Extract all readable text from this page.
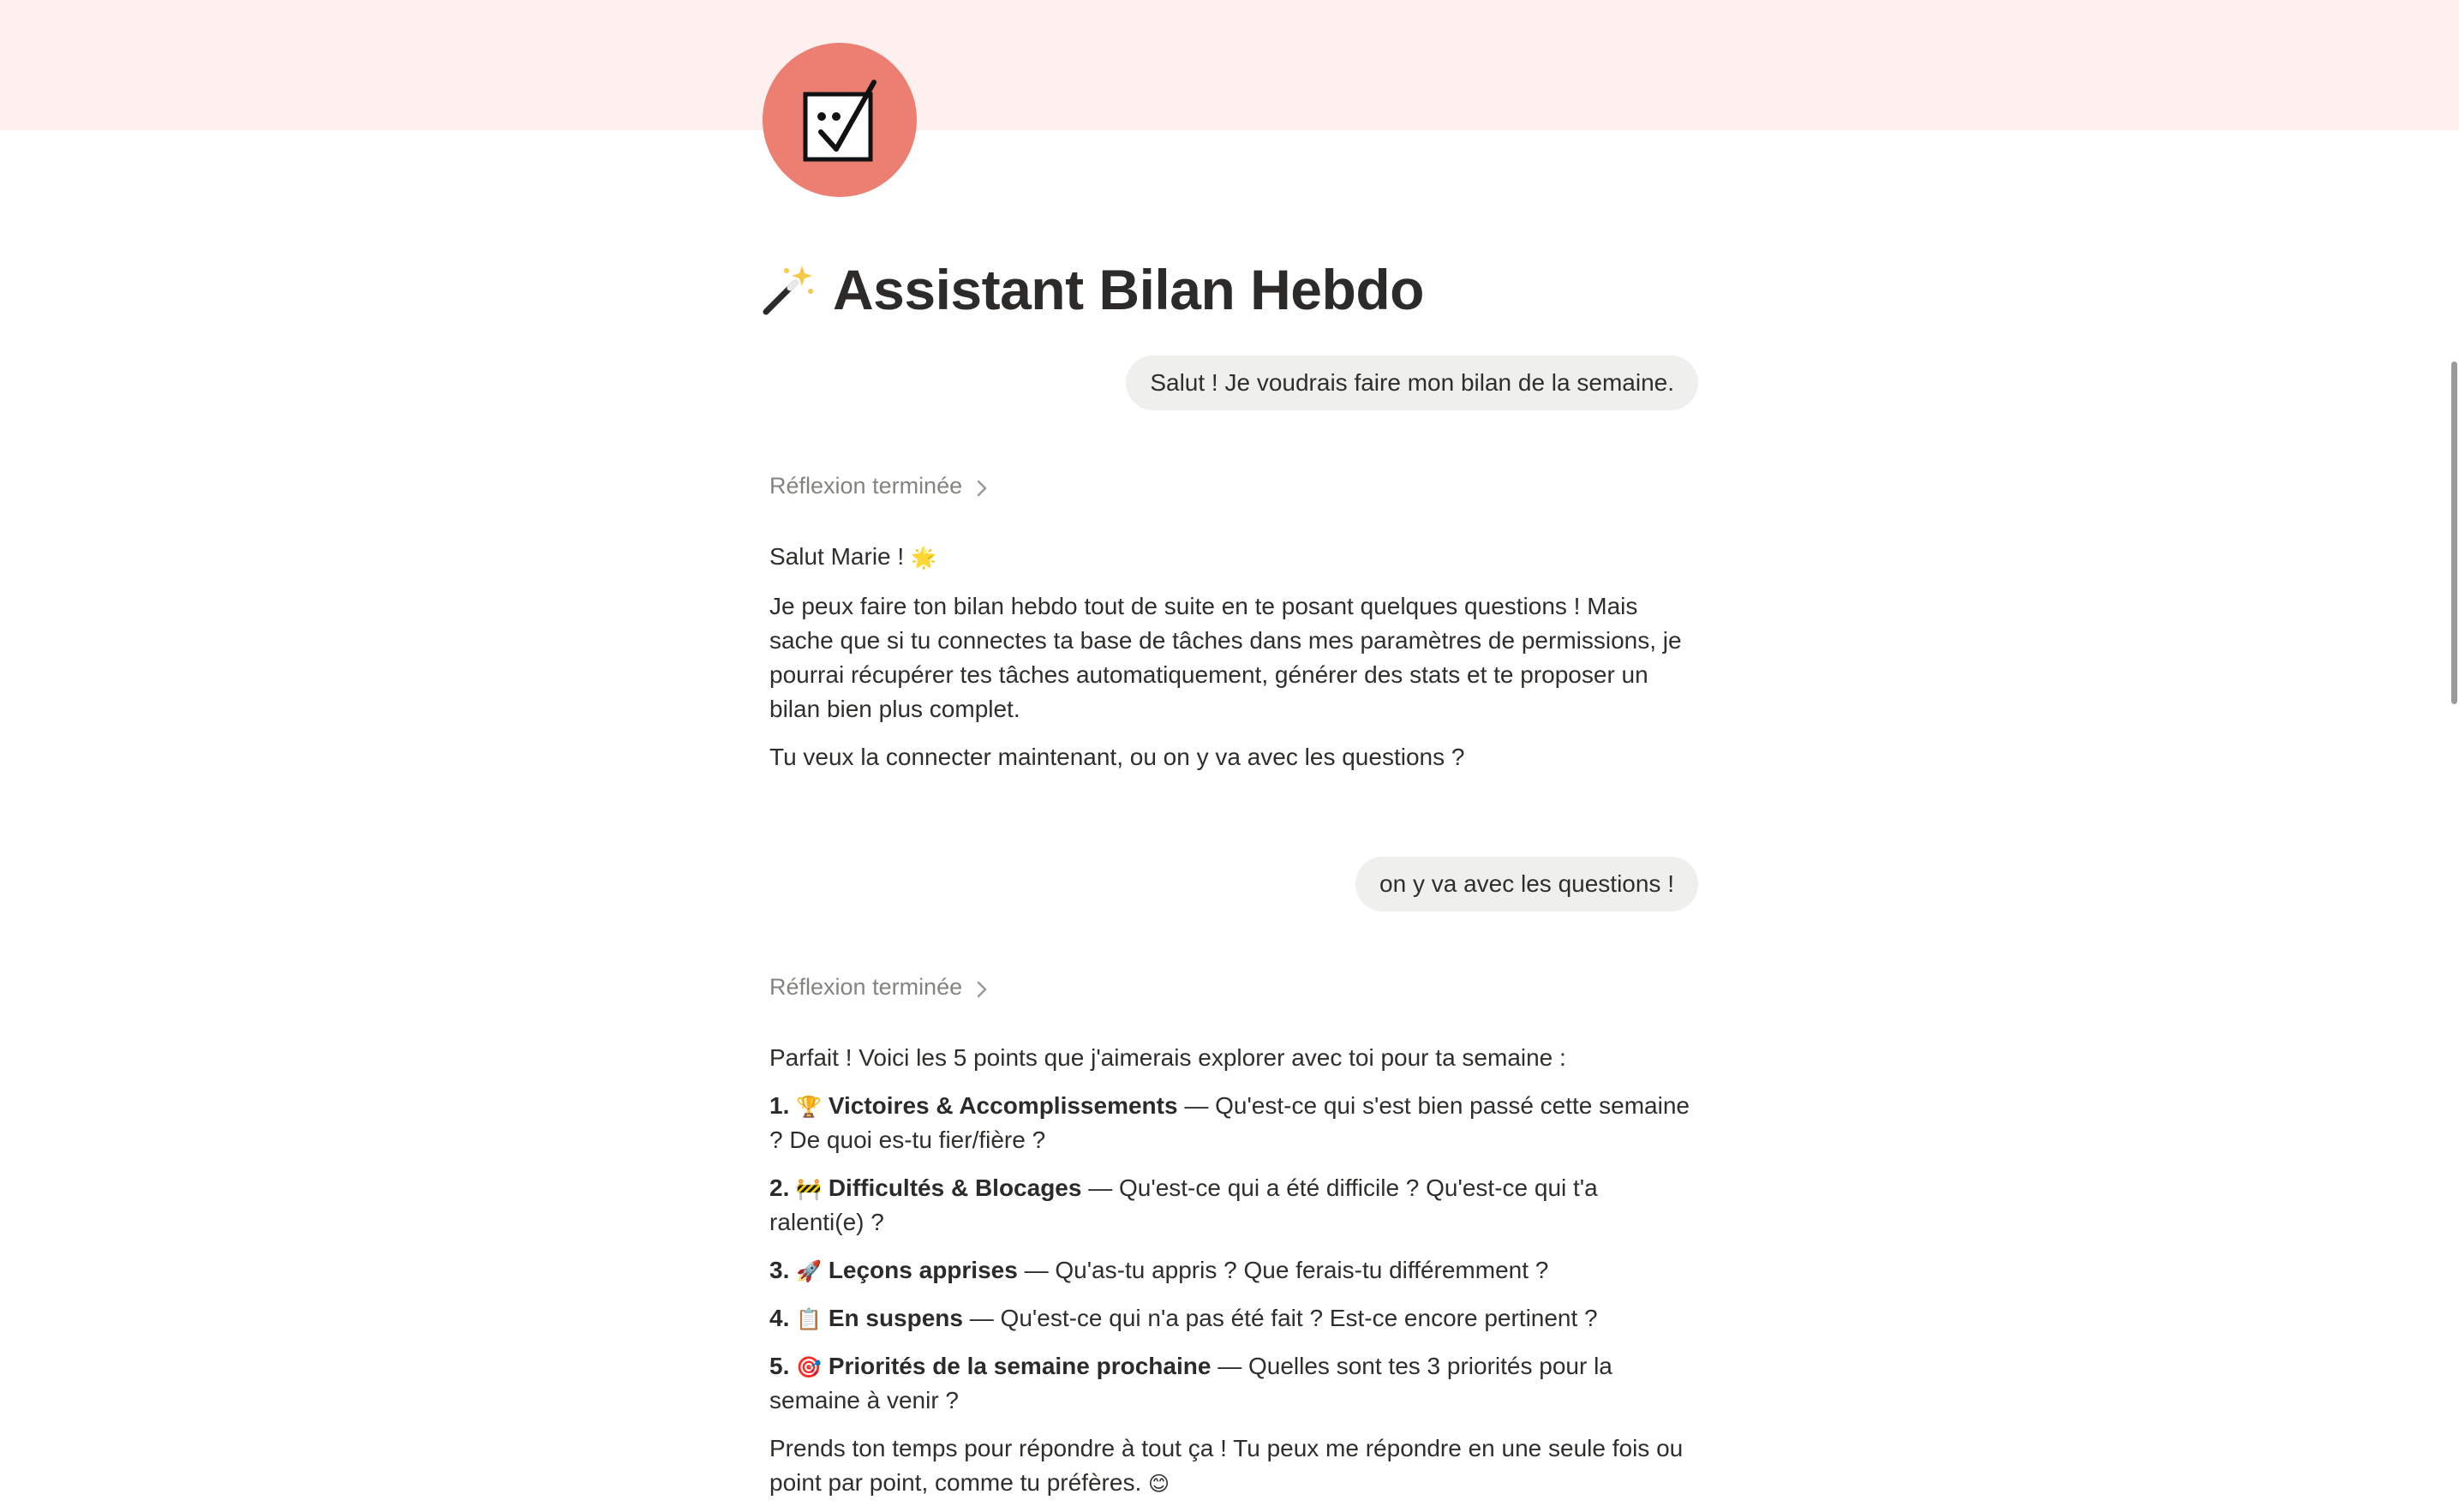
Assistant Bilan Hebdo
Salut ! Je voudrais faire mon bilan de la semaine.
Réflexion terminée

Salut Marie ! 🌟

Je peux faire ton bilan hebdo tout de suite en te posant quelques questions ! Mais sache que si tu connectes ta base de tâches dans mes paramètres de permissions, je pourrai récupérer tes tâches automatiquement, générer des stats et te proposer un bilan bien plus complet.

Tu veux la connecter maintenant, ou on y va avec les questions ?

on y va avec les questions !
Réflexion terminée

Parfait ! Voici les 5 points que j'aimerais explorer avec toi pour ta semaine :

1. 🏆 Victoires & Accomplissements — Qu'est-ce qui s'est bien passé cette semaine ? De quoi es-tu fier/fière ?

2. 🚧 Difficultés & Blocages — Qu'est-ce qui a été difficile ? Qu'est-ce qui t'a ralenti(e) ?

3. 🚀 Leçons apprises — Qu'as-tu appris ? Que ferais-tu différemment ?

4. 📋 En suspens — Qu'est-ce qui n'a pas été fait ? Est-ce encore pertinent ?

5. 🎯 Priorités de la semaine prochaine — Quelles sont tes 3 priorités pour la semaine à venir ?

Prends ton temps pour répondre à tout ça ! Tu peux me répondre en une seule fois ou point par point, comme tu préfères. 😊
